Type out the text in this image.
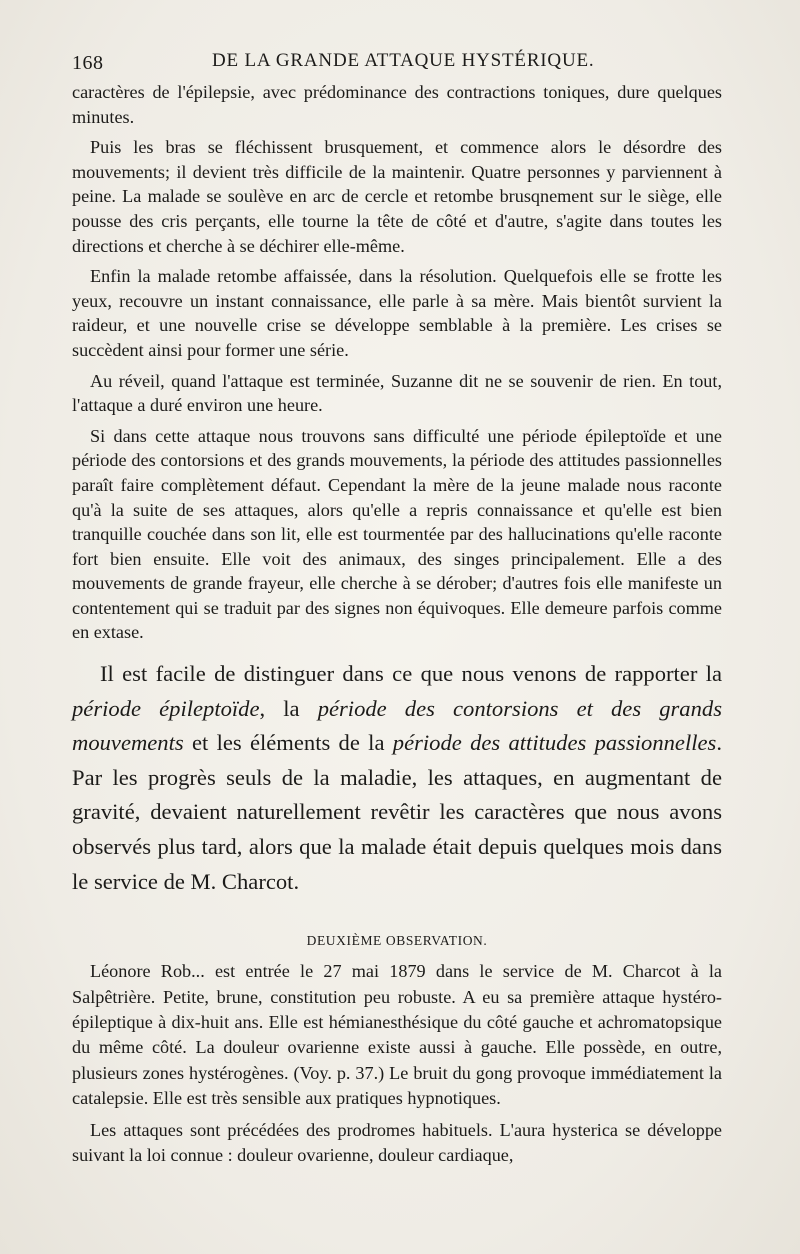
168	DE LA GRANDE ATTAQUE HYSTÉRIQUE.

caractères de l'épilepsie, avec prédominance des contractions toniques, dure quelques minutes.

Puis les bras se fléchissent brusquement, et commence alors le désordre des mouvements; il devient très difficile de la maintenir. Quatre personnes y parviennent à peine. La malade se soulève en arc de cercle et retombe brusqnement sur le siège, elle pousse des cris perçants, elle tourne la tête de côté et d'autre, s'agite dans toutes les directions et cherche à se déchirer elle-même.

Enfin la malade retombe affaissée, dans la résolution. Quelquefois elle se frotte les yeux, recouvre un instant connaissance, elle parle à sa mère. Mais bientôt survient la raideur, et une nouvelle crise se développe semblable à la première. Les crises se succèdent ainsi pour former une série.

Au réveil, quand l'attaque est terminée, Suzanne dit ne se souvenir de rien. En tout, l'attaque a duré environ une heure.

Si dans cette attaque nous trouvons sans difficulté une période épileptoïde et une période des contorsions et des grands mouvements, la période des attitudes passionnelles paraît faire complètement défaut. Cependant la mère de la jeune malade nous raconte qu'à la suite de ses attaques, alors qu'elle a repris connaissance et qu'elle est bien tranquille couchée dans son lit, elle est tourmentée par des hallucinations qu'elle raconte fort bien ensuite. Elle voit des animaux, des singes principalement. Elle a des mouvements de grande frayeur, elle cherche à se dérober; d'autres fois elle manifeste un contentement qui se traduit par des signes non équivoques. Elle demeure parfois comme en extase.

Il est facile de distinguer dans ce que nous venons de rapporter la période épileptoïde, la période des contorsions et des grands mouvements et les éléments de la période des attitudes passionnelles. Par les progrès seuls de la maladie, les attaques, en augmentant de gravité, devaient naturellement revêtir les caractères que nous avons observés plus tard, alors que la malade était depuis quelques mois dans le service de M. Charcot.

DEUXIÈME OBSERVATION.

Léonore Rob... est entrée le 27 mai 1879 dans le service de M. Charcot à la Salpêtrière. Petite, brune, constitution peu robuste. A eu sa première attaque hystéro-épileptique à dix-huit ans. Elle est hémianesthésique du côté gauche et achromatopsique du même côté. La douleur ovarienne existe aussi à gauche. Elle possède, en outre, plusieurs zones hystérogènes. (Voy. p. 37.) Le bruit du gong provoque immédiatement la catalepsie. Elle est très sensible aux pratiques hypnotiques.

Les attaques sont précédées des prodromes habituels. L'aura hysterica se développe suivant la loi connue : douleur ovarienne, douleur cardiaque,
